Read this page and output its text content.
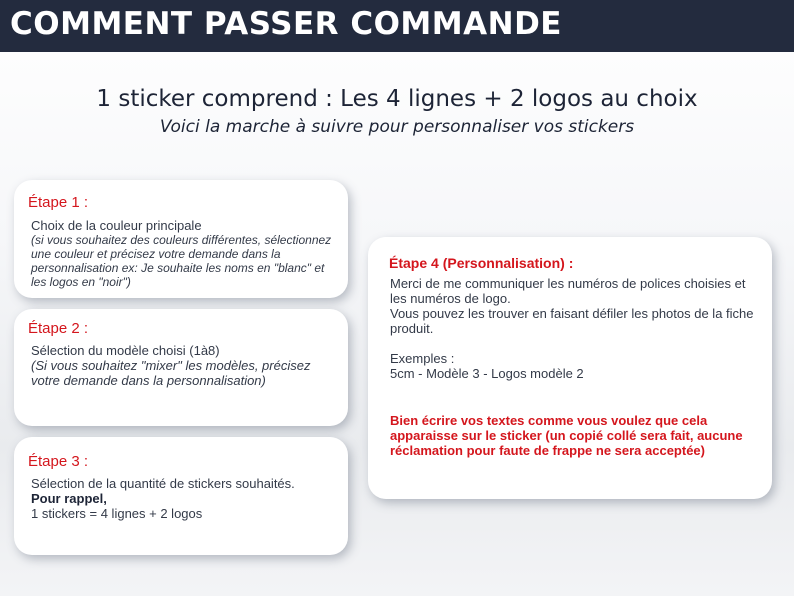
COMMENT PASSER COMMANDE
1 sticker comprend : Les 4 lignes + 2 logos au choix
Voici la marche à suivre pour personnaliser vos stickers
Étape 1 :
Choix de la couleur principale
(si vous souhaitez des couleurs différentes, sélectionnez une couleur et précisez votre demande dans la personnalisation ex: Je souhaite les noms en "blanc" et les logos en "noir")
Étape 2 :
Sélection du modèle choisi (1à8)
(Si vous souhaitez "mixer" les modèles, précisez votre demande dans la personnalisation)
Étape 3 :
Sélection de la quantité de stickers souhaités.
Pour rappel,
1 stickers = 4 lignes + 2 logos
Étape 4 (Personnalisation) :
Merci de me communiquer les numéros de polices choisies et les numéros de logo.
Vous pouvez les trouver en faisant défiler les photos de la fiche produit.
Exemples :
5cm - Modèle 3 - Logos modèle 2
Bien écrire vos textes comme vous voulez que cela apparaisse sur le sticker (un copié collé sera fait, aucune réclamation pour faute de frappe ne sera acceptée)
